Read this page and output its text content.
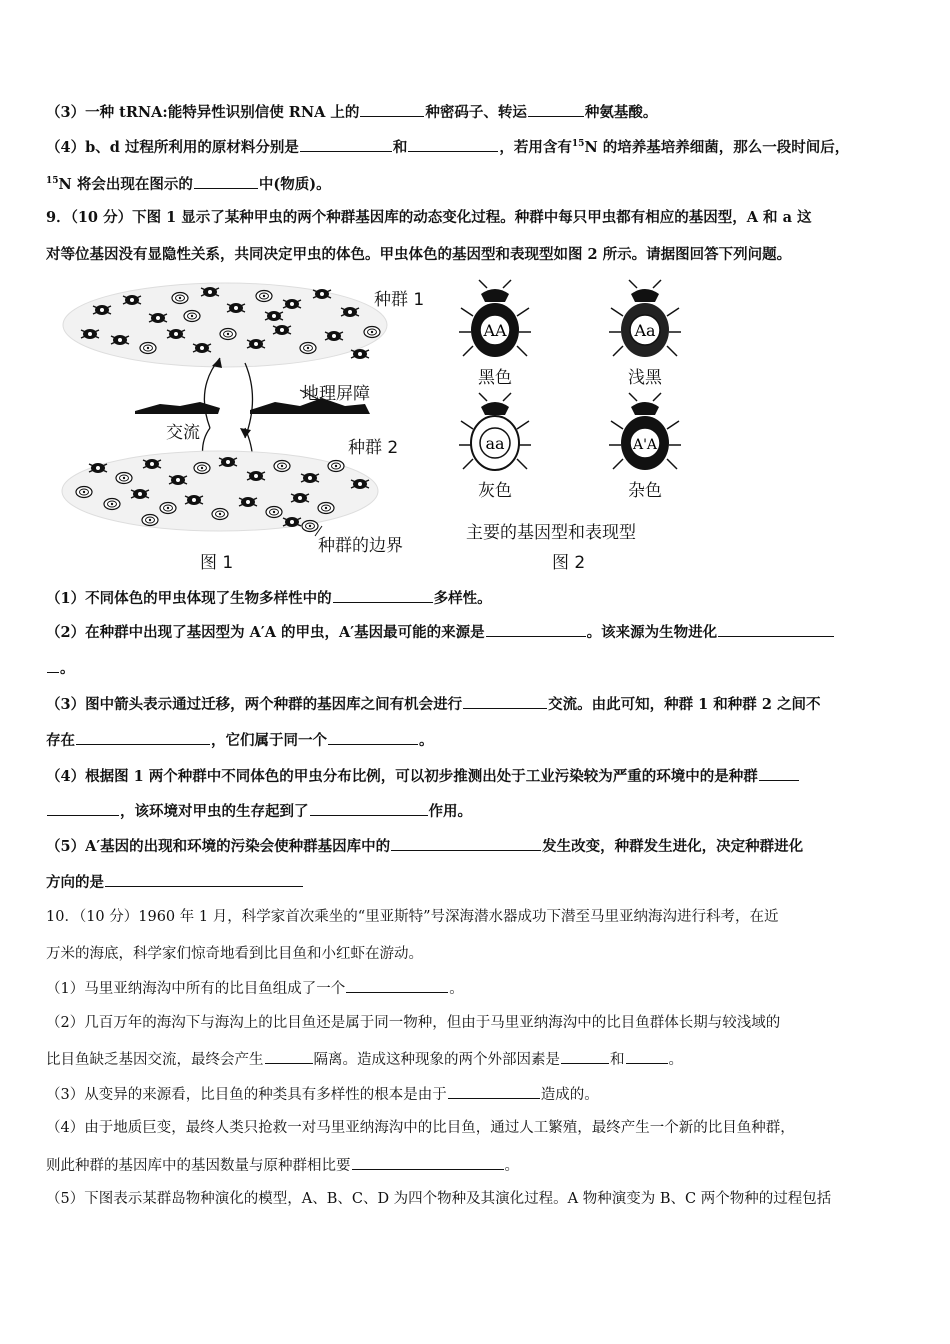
（3）一种 tRNA:能特异性识别信使 RNA 上的	种密码子、转运	种氨基酸。
（4）b、d 过程所利用的原材料分别是	和	，若用含有$^{15}$N 的培养基培养细菌，那么一段时间后，
$^{15}$N 将会出现在图示的	中(物质)。
9．（10 分）下图 1 显示了某种甲虫的两个种群基因库的动态变化过程。种群中每只甲虫都有相应的基因型，A 和 a 这
对等位基因没有显隐性关系，共同决定甲虫的体色。甲虫体色的基因型和表现型如图 2 所示。请据图回答下列问题。
种群 1
地理屏障
交流
种群 2
种群的边界
图 1
AA	Aa
aa	A'A
黑色	浅黑
灰色	杂色
主要的基因型和表现型
图 2
（1）不同体色的甲虫体现了生物多样性中的	多样性。
（2）在种群中出现了基因型为 A′A 的甲虫，A′基因最可能的来源是	。该来源为生物进化
。
（3）图中箭头表示通过迁移，两个种群的基因库之间有机会进行	交流。由此可知，种群 1 和种群 2 之间不
存在	，它们属于同一个	。
（4）根据图 1 两个种群中不同体色的甲虫分布比例，可以初步推测出处于工业污染较为严重的环境中的是种群
，该环境对甲虫的生存起到了	作用。
（5）A′基因的出现和环境的污染会使种群基因库中的	发生改变，种群发生进化，决定种群进化
方向的是
10．（10 分）1960 年 1 月，科学家首次乘坐的“里亚斯特”号深海潜水器成功下潜至马里亚纳海沟进行科考，在近
万米的海底，科学家们惊奇地看到比目鱼和小红虾在游动。
（1）马里亚纳海沟中所有的比目鱼组成了一个	。
（2）几百万年的海沟下与海沟上的比目鱼还是属于同一物种，但由于马里亚纳海沟中的比目鱼群体长期与较浅域的
比目鱼缺乏基因交流，最终会产生	隔离。造成这种现象的两个外部因素是	和	。
（3）从变异的来源看，比目鱼的种类具有多样性的根本是由于	造成的。
（4）由于地质巨变，最终人类只抢救一对马里亚纳海沟中的比目鱼，通过人工繁殖，最终产生一个新的比目鱼种群，
则此种群的基因库中的基因数量与原种群相比要	。
（5）下图表示某群岛物种演化的模型，A、B、C、D 为四个物种及其演化过程。A 物种演变为 B、C 两个物种的过程包括
